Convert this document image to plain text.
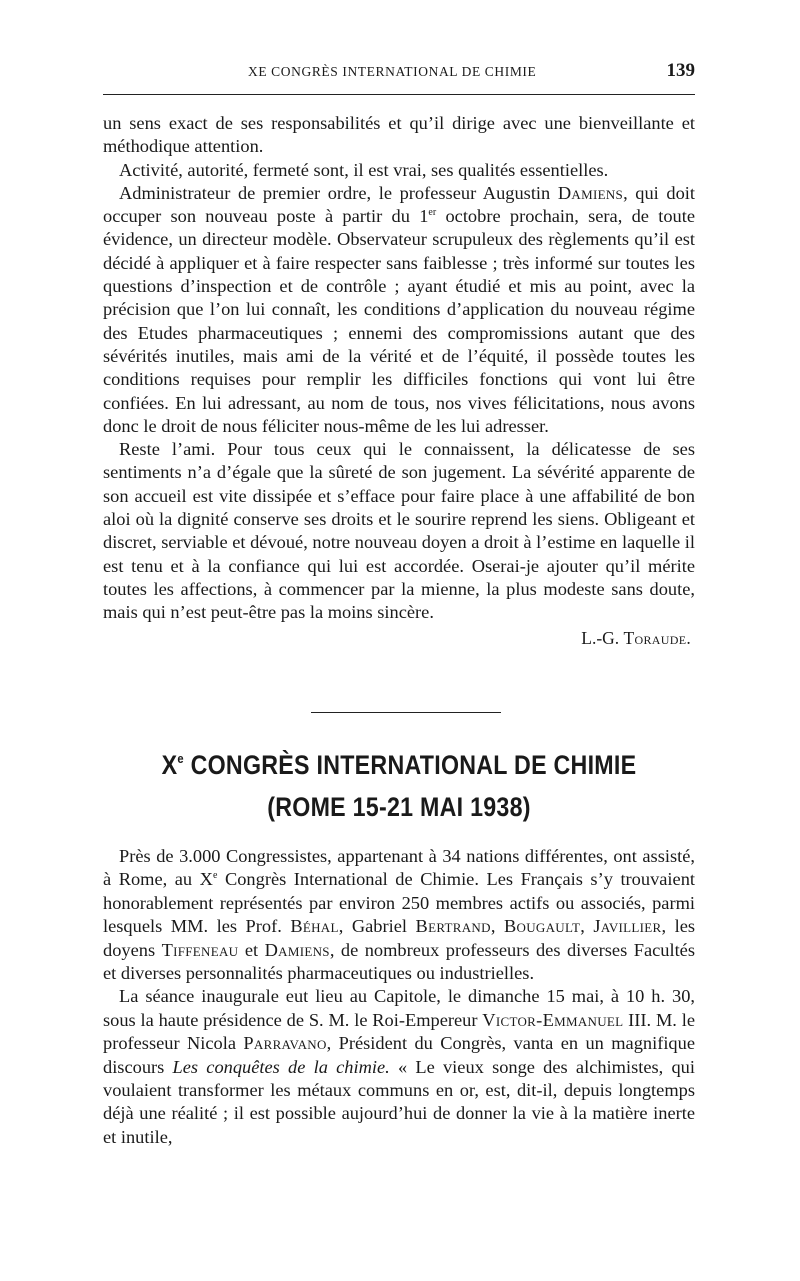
XE CONGRÈS INTERNATIONAL DE CHIMIE	139

un sens exact de ses responsabilités et qu’il dirige avec une bienveillante et méthodique attention.

Activité, autorité, fermeté sont, il est vrai, ses qualités essentielles.

Administrateur de premier ordre, le professeur Augustin Damiens, qui doit occuper son nouveau poste à partir du 1er octobre prochain, sera, de toute évidence, un directeur modèle. Observateur scrupuleux des règlements qu’il est décidé à appliquer et à faire respecter sans faiblesse ; très informé sur toutes les questions d’inspection et de contrôle ; ayant étudié et mis au point, avec la précision que l’on lui connaît, les conditions d’application du nouveau régime des Etudes pharmaceutiques ; ennemi des compromissions autant que des sévérités inutiles, mais ami de la vérité et de l’équité, il possède toutes les conditions requises pour remplir les difficiles fonctions qui vont lui être confiées. En lui adressant, au nom de tous, nos vives félicitations, nous avons donc le droit de nous féliciter nous-même de les lui adresser.

Reste l’ami. Pour tous ceux qui le connaissent, la délicatesse de ses sentiments n’a d’égale que la sûreté de son jugement. La sévérité apparente de son accueil est vite dissipée et s’efface pour faire place à une affabilité de bon aloi où la dignité conserve ses droits et le sourire reprend les siens. Obligeant et discret, serviable et dévoué, notre nouveau doyen a droit à l’estime en laquelle il est tenu et à la confiance qui lui est accordée. Oserai-je ajouter qu’il mérite toutes les affections, à commencer par la mienne, la plus modeste sans doute, mais qui n’est peut-être pas la moins sincère.

L.-G. Toraude.
Xe CONGRÈS INTERNATIONAL DE CHIMIE
(ROME 15-21 MAI 1938)

Près de 3.000 Congressistes, appartenant à 34 nations différentes, ont assisté, à Rome, au Xe Congrès International de Chimie. Les Français s’y trouvaient honorablement représentés par environ 250 membres actifs ou associés, parmi lesquels MM. les Prof. Béhal, Gabriel Bertrand, Bougault, Javillier, les doyens Tiffeneau et Damiens, de nombreux professeurs des diverses Facultés et diverses personnalités pharmaceutiques ou industrielles.

La séance inaugurale eut lieu au Capitole, le dimanche 15 mai, à 10 h. 30, sous la haute présidence de S. M. le Roi-Empereur Victor-Emmanuel III. M. le professeur Nicola Parravano, Président du Congrès, vanta en un magnifique discours Les conquêtes de la chimie. « Le vieux songe des alchimistes, qui voulaient transformer les métaux communs en or, est, dit-il, depuis longtemps déjà une réalité ; il est possible aujourd’hui de donner la vie à la matière inerte et inutile,
